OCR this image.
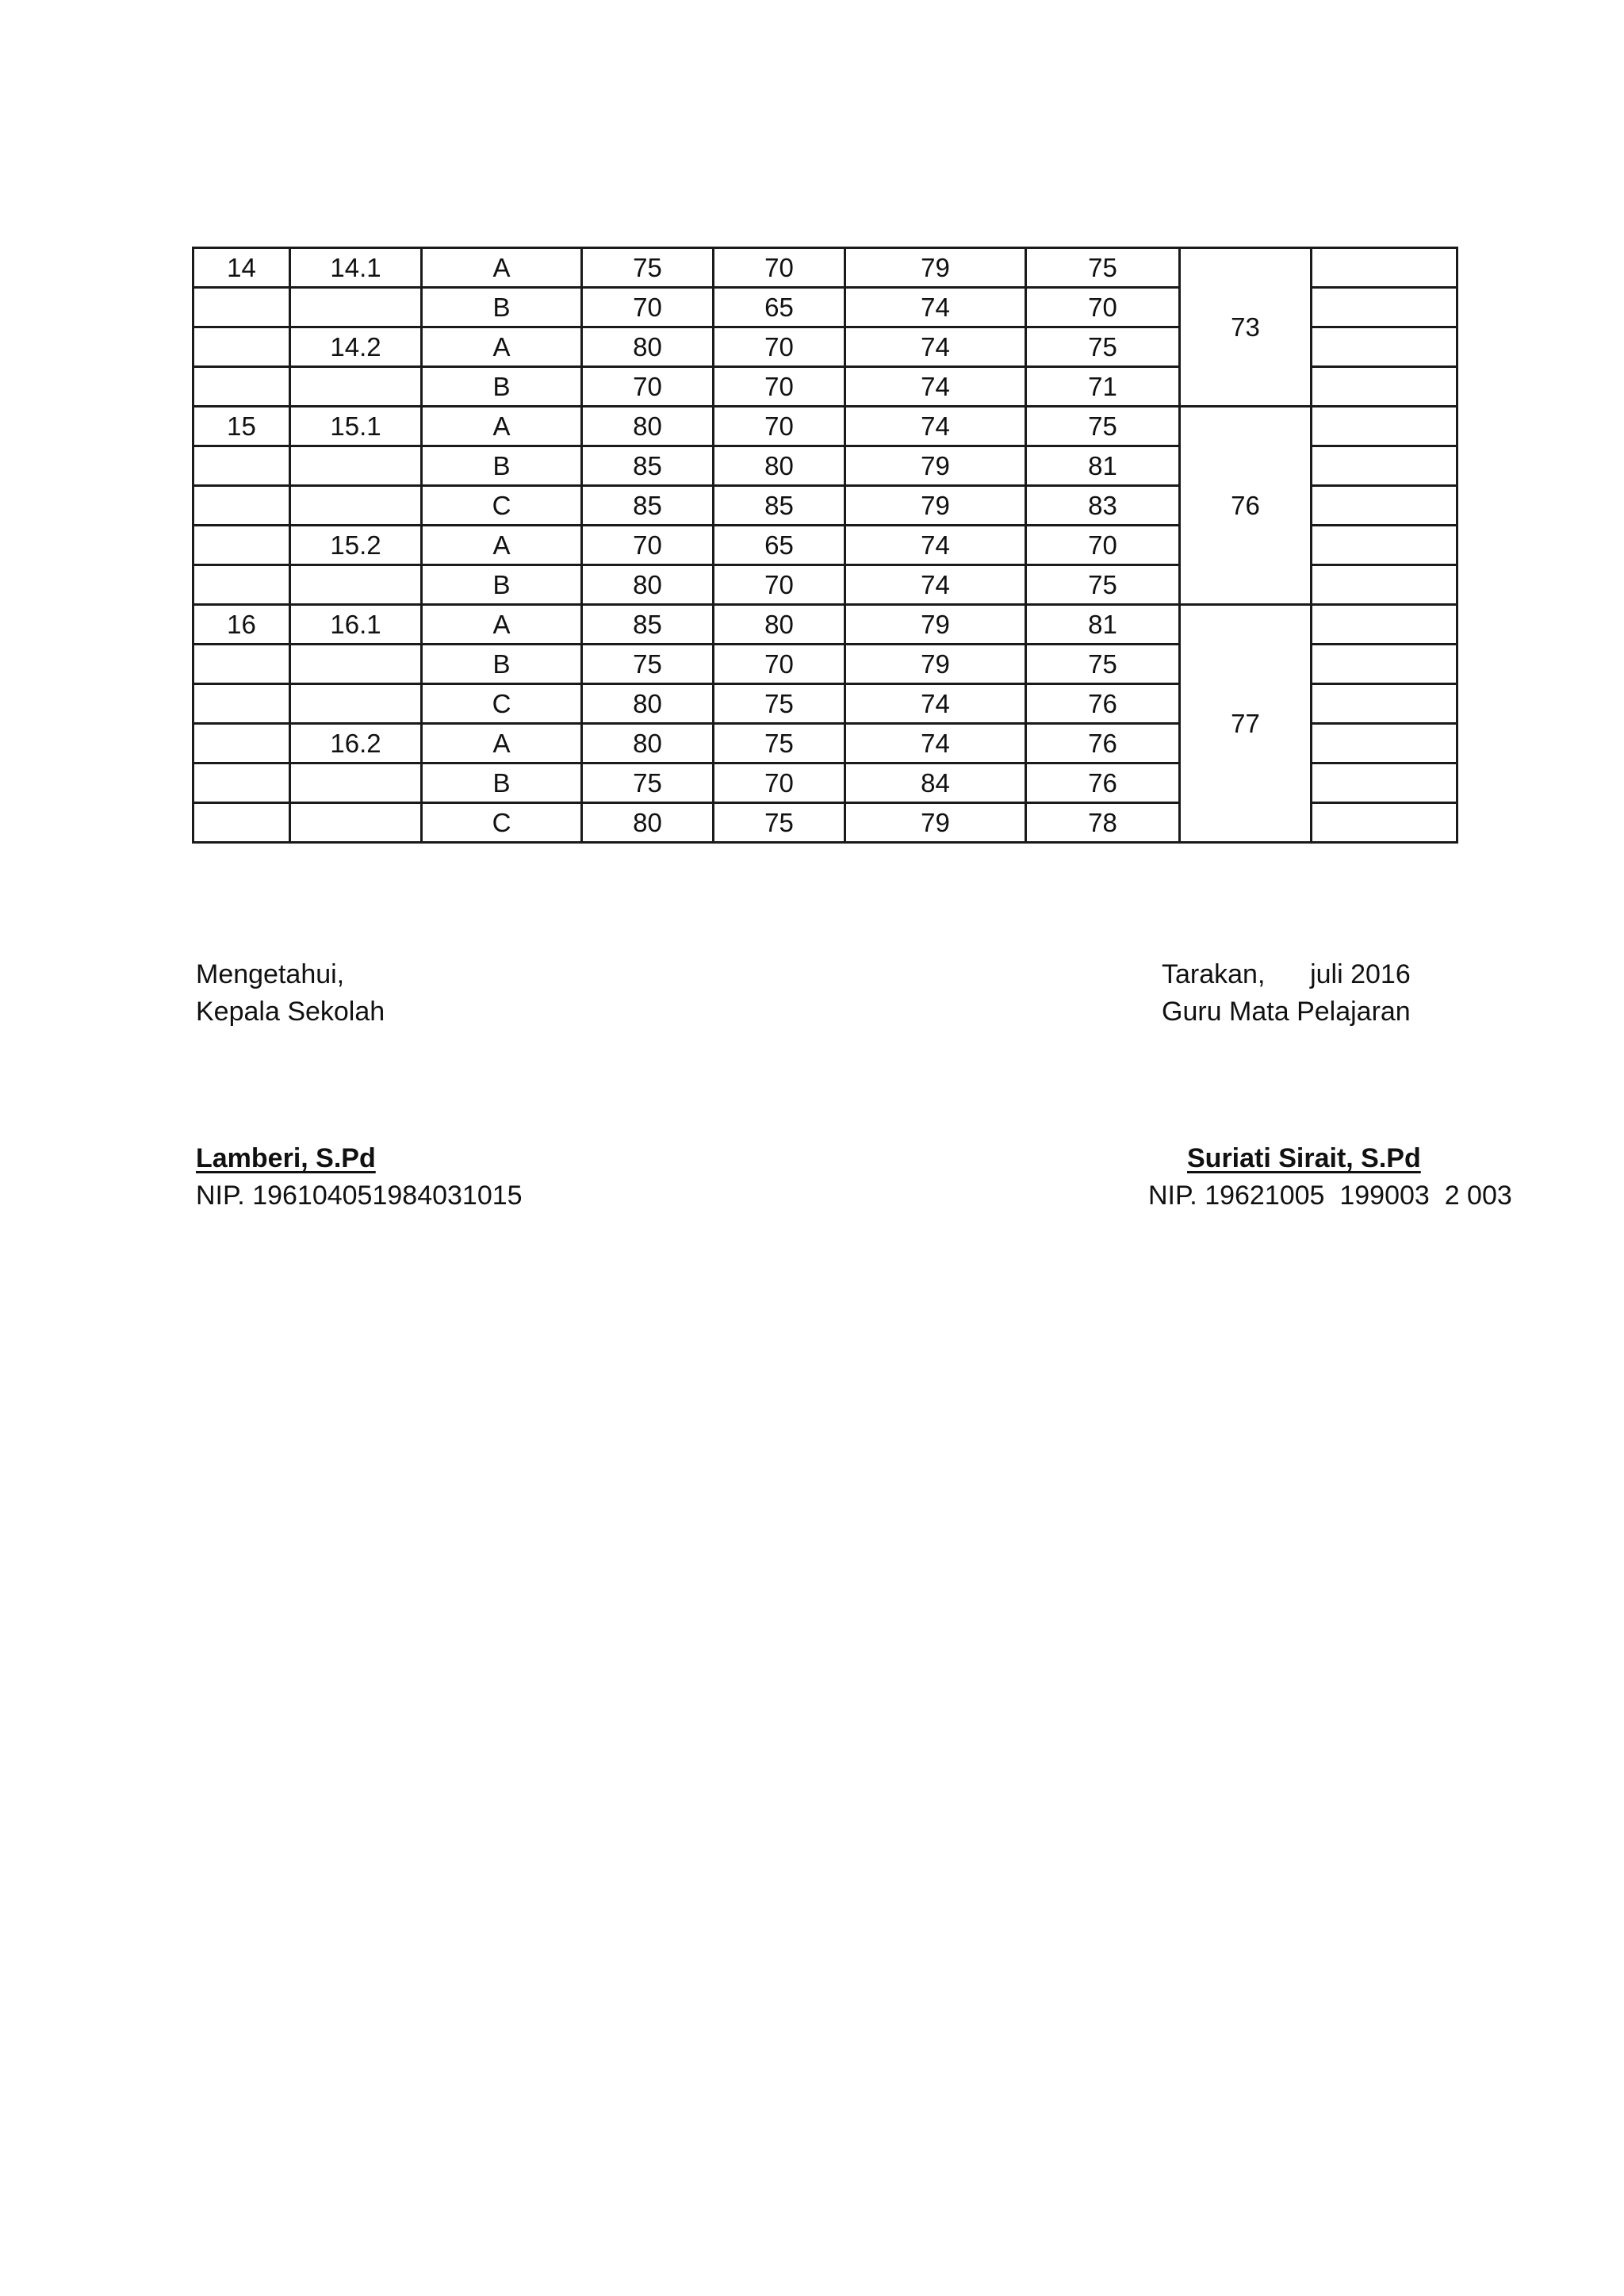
14	14.1	A	75	70	79	75	73	
		B	70	65	74	70		
	14.2	A	80	70	74	75		
		B	70	70	74	71		
15	15.1	A	80	70	74	75	76	
		B	85	80	79	81		
		C	85	85	79	83		
	15.2	A	70	65	74	70		
		B	80	70	74	75		
16	16.1	A	85	80	79	81	77	
		B	75	70	79	75		
		C	80	75	74	76		
	16.2	A	80	75	74	76		
		B	75	70	84	76		
		C	80	75	79	78		
Mengetahui,
Kepala Sekolah
Lamberi, S.Pd
NIP. 196104051984031015
Tarakan,      juli 2016
Guru Mata Pelajaran
Suriati Sirait, S.Pd
NIP. 19621005  199003  2 003
